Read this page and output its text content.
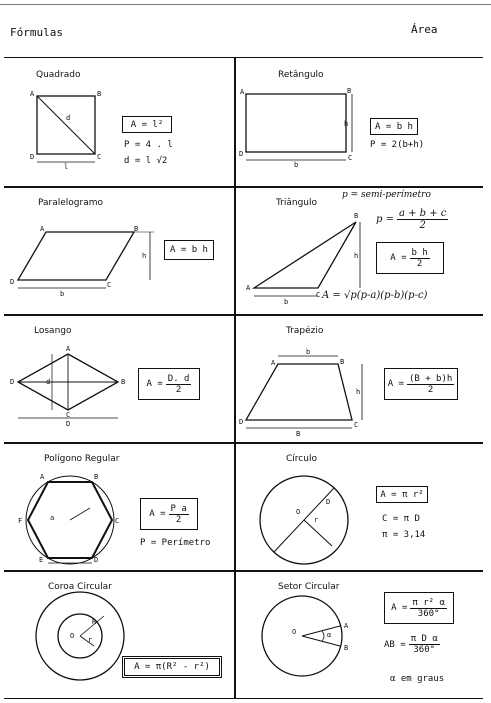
Fórmulas	Área
Quadrado
A	B
C
D
l
d
A = l²
P = 4 . l
d = l √2
Retângulo
A	B
C
D
b
h	A = b h
P = 2(b+h)
Paralelogramo
A	B
C
D
b
h
A = b h
Triângulo
A
B
C
b
h
p = semi-perímetro
$p = \frac{a + b + c}{2}$
$A = \frac{\text{b h}}{2}$
A = √p(p-a)(p-b)(p-c)
Losango
A
B
C
D	d
D
$A = \frac{D. d}{2}$
Trapézio
A	B
C
D
b
B
h
$A = \frac{(B + b)h}{2}$
Polígono Regular
A	B
C
D
E
F	a	$A = \frac{\text{P a}}{2}$
P = Perímetro
Círculo
O
r
D
A = π r²
C = π D
π = 3,14
Coroa Circular
O
R
r
A = π(R² - r²)
Setor Circular
O
A
B
α
$A = \frac{\text{π r² α}}{360^\circ}$
AB = $\frac{\text{π D α}}{360^\circ}$
α em graus
